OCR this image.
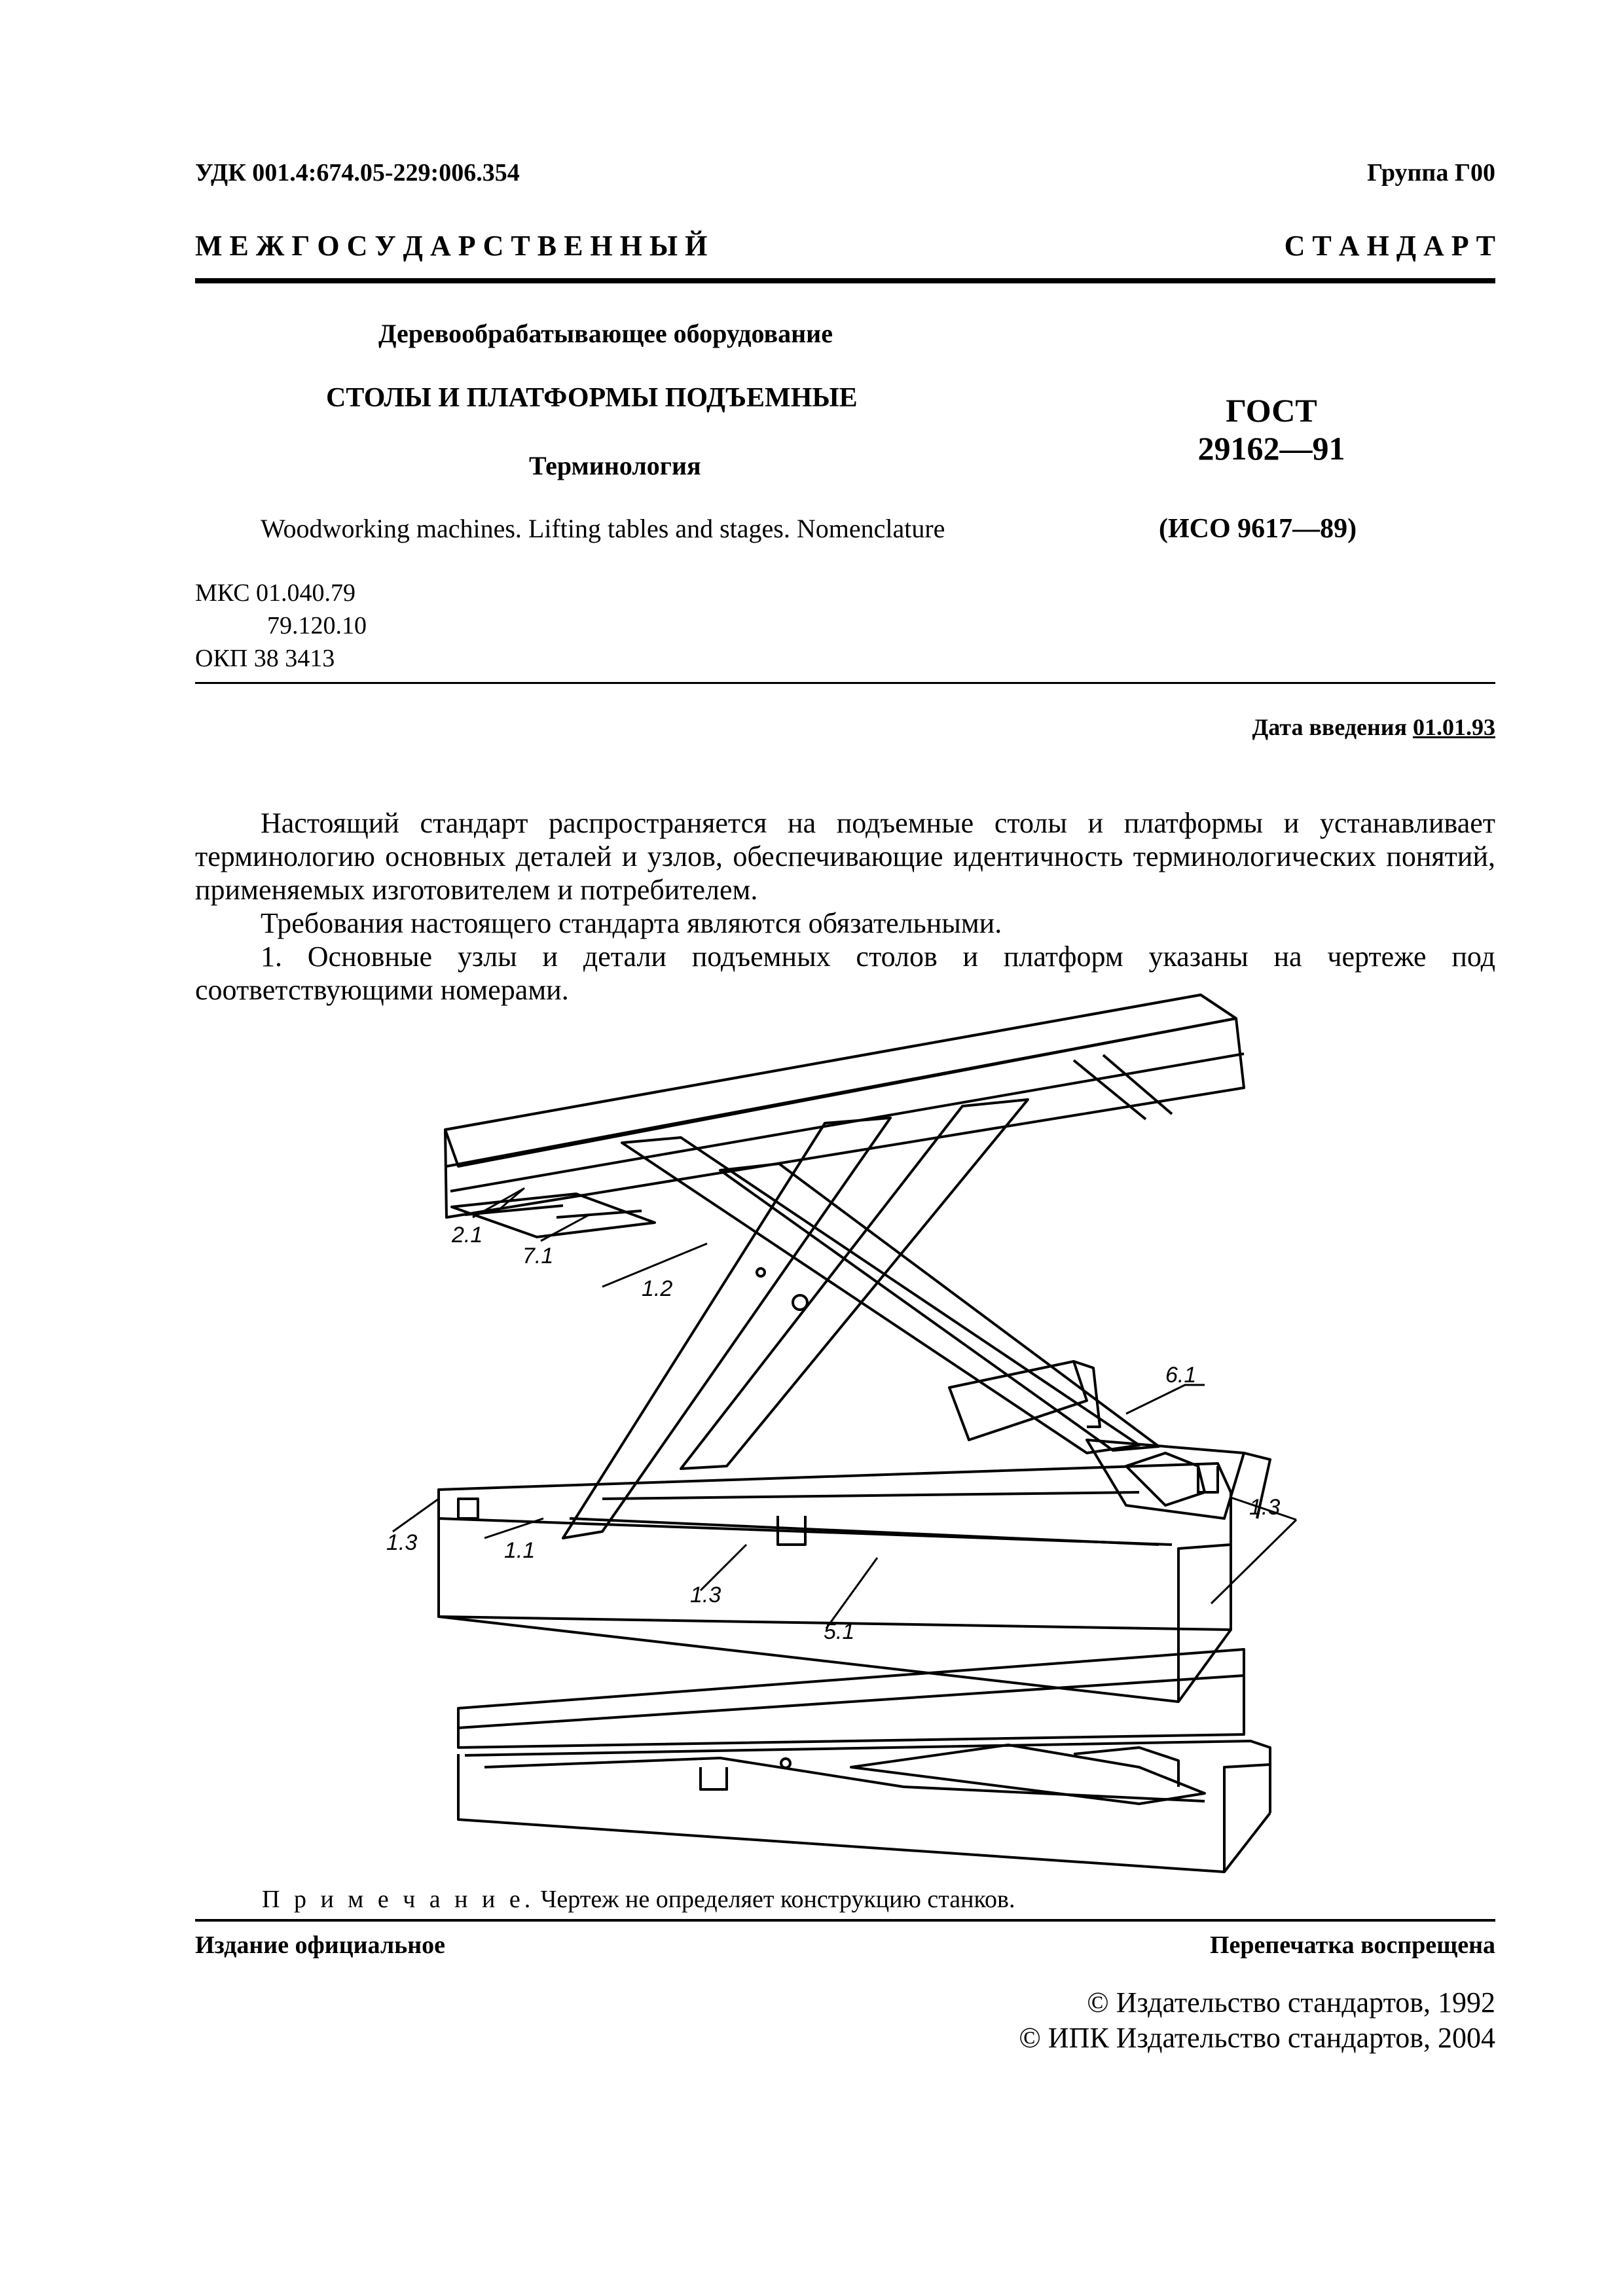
УДК 001.4:674.05-229:006.354	Группа Г00
М Е Ж Г О С У Д А Р С Т В Е Н Н Ы Й	С Т А Н Д А Р Т
Деревообрабатывающее оборудование
СТОЛЫ И ПЛАТФОРМЫ ПОДЪЕМНЫЕ
Терминология
ГОСТ
29162—91
Woodworking machines. Lifting tables and stages. Nomenclature	(ИСО 9617—89)
МКС 01.040.79
79.120.10
ОКП 38 3413
Дата введения 01.01.93

Настоящий стандарт распространяется на подъемные столы и платформы и устанавливает терминологию основных деталей и узлов, обеспечивающие идентичность терминологических понятий, применяемых изготовителем и потребителем.

Требования настоящего стандарта являются обязательными.

1. Основные узлы и детали подъемных столов и платформ указаны на чертеже под соответствующими номерами.

2.1
7.1
1.2
6.1
1.3	1.1
1.3
5.1
1.3
П р и м е ч а н и е. Чертеж не определяет конструкцию станков.
Издание официальное	Перепечатка воспрещена
© Издательство стандартов, 1992
© ИПК Издательство стандартов, 2004
